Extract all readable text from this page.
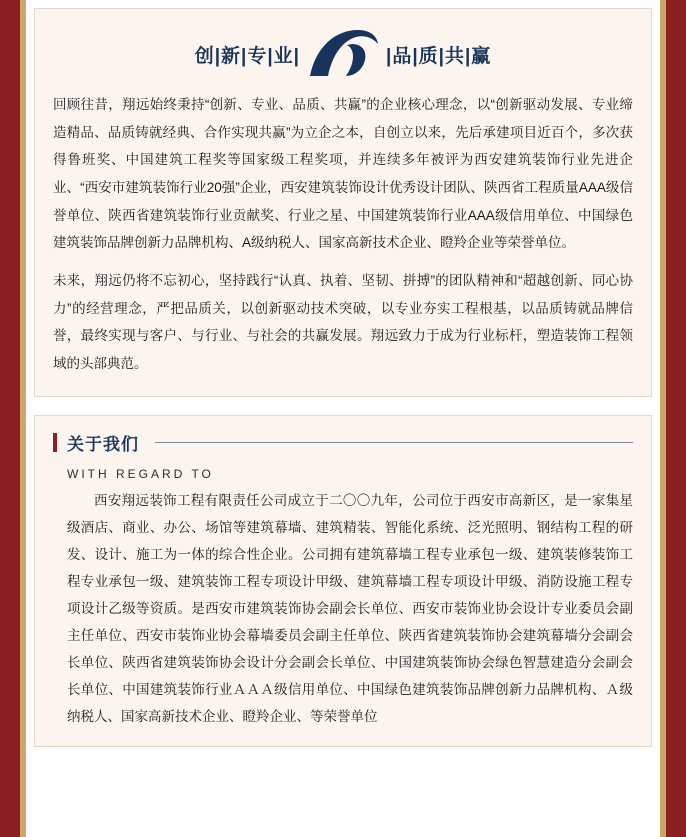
创|新|专|业|	|品|质|共|赢

回顾往昔，翔远始终秉持“创新、专业、品质、共赢”的企业核心理念，以“创新驱动发展、专业缔造精品、品质铸就经典、合作实现共赢”为立企之本，自创立以来，先后承建项目近百个，多次获得鲁班奖、中国建筑工程奖等国家级工程奖项，并连续多年被评为西安建筑装饰行业先进企业、“西安市建筑装饰行业20强”企业，西安建筑装饰设计优秀设计团队、陕西省工程质量AAA级信誉单位、陕西省建筑装饰行业贡献奖、行业之星、中国建筑装饰行业AAA级信用单位、中国绿色建筑装饰品牌创新力品牌机构、A级纳税人、国家高新技术企业、瞪羚企业等荣誉单位。

未来，翔远仍将不忘初心，坚持践行“认真、执着、坚韧、拼搏”的团队精神和“超越创新、同心协力”的经营理念，严把品质关，以创新驱动技术突破，以专业夯实工程根基，以品质铸就品牌信誉，最终实现与客户、与行业、与社会的共赢发展。翔远致力于成为行业标杆，塑造装饰工程领域的头部典范。

关于我们
WITH REGARD TO

西安翔远装饰工程有限责任公司成立于二〇〇九年，公司位于西安市高新区，是一家集星级酒店、商业、办公、场馆等建筑幕墙、建筑精装、智能化系统、泛光照明、钢结构工程的研发、设计、施工为一体的综合性企业。公司拥有建筑幕墙工程专业承包一级、建筑装修装饰工程专业承包一级、建筑装饰工程专项设计甲级、建筑幕墙工程专项设计甲级、消防设施工程专项设计乙级等资质。是西安市建筑装饰协会副会长单位、西安市装饰业协会设计专业委员会副主任单位、西安市装饰业协会幕墙委员会副主任单位、陕西省建筑装饰协会建筑幕墙分会副会长单位、陕西省建筑装饰协会设计分会副会长单位、中国建筑装饰协会绿色智慧建造分会副会长单位、中国建筑装饰行业ＡＡＡ级信用单位、中国绿色建筑装饰品牌创新力品牌机构、Ａ级纳税人、国家高新技术企业、瞪羚企业、等荣誉单位
